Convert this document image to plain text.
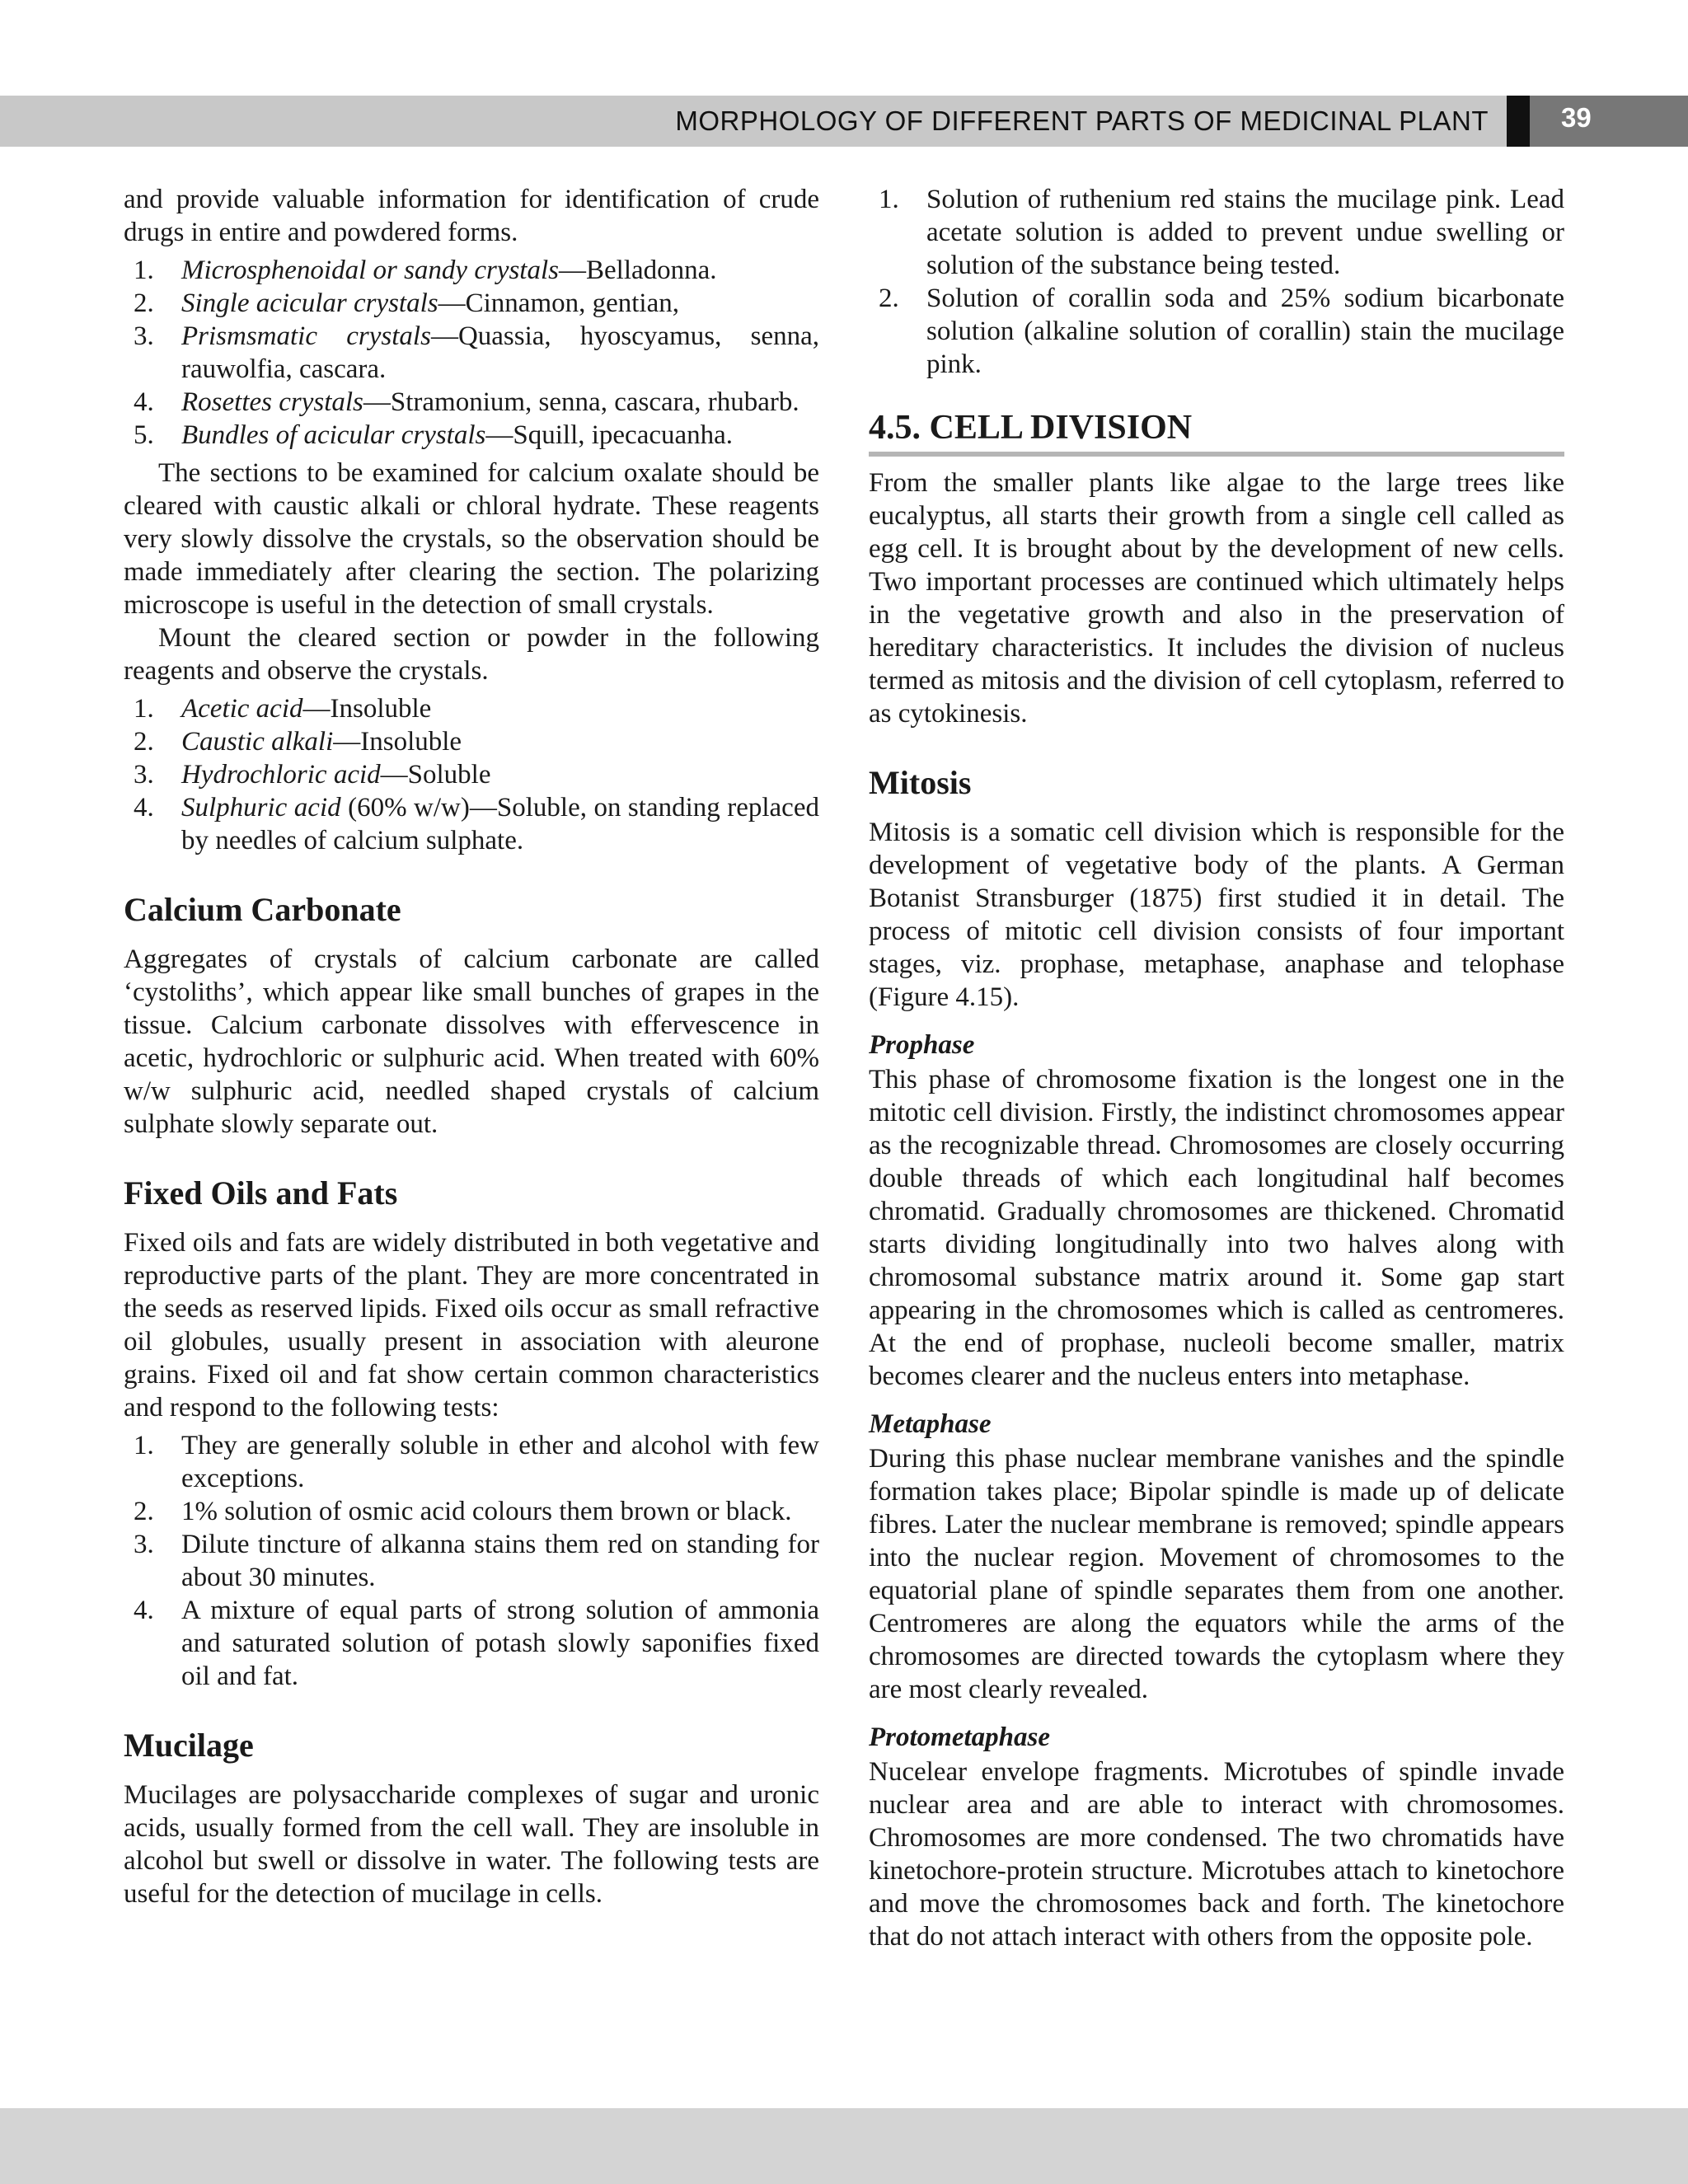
MORPHOLOGY OF DIFFERENT PARTS OF MEDICINAL PLANT	39

and provide valuable information for identification of crude drugs in entire and powdered forms.

1. Microsphenoidal or sandy crystals—Belladonna.
2. Single acicular crystals—Cinnamon, gentian,
3. Prismsmatic crystals—Quassia, hyoscyamus, senna, rauwolfia, cascara.
4. Rosettes crystals—Stramonium, senna, cascara, rhubarb.
5. Bundles of acicular crystals—Squill, ipecacuanha.

The sections to be examined for calcium oxalate should be cleared with caustic alkali or chloral hydrate. These reagents very slowly dissolve the crystals, so the observation should be made immediately after clearing the section. The polarizing microscope is useful in the detection of small crystals.

Mount the cleared section or powder in the following reagents and observe the crystals.

1. Acetic acid—Insoluble
2. Caustic alkali—Insoluble
3. Hydrochloric acid—Soluble
4. Sulphuric acid (60% w/w)—Soluble, on standing replaced by needles of calcium sulphate.
Calcium Carbonate

Aggregates of crystals of calcium carbonate are called ‘cystoliths’, which appear like small bunches of grapes in the tissue. Calcium carbonate dissolves with effervescence in acetic, hydrochloric or sulphuric acid. When treated with 60% w/w sulphuric acid, needled shaped crystals of calcium sulphate slowly separate out.

Fixed Oils and Fats

Fixed oils and fats are widely distributed in both vegetative and reproductive parts of the plant. They are more concentrated in the seeds as reserved lipids. Fixed oils occur as small refractive oil globules, usually present in association with aleurone grains. Fixed oil and fat show certain common characteristics and respond to the following tests:

1. They are generally soluble in ether and alcohol with few exceptions.
2. 1% solution of osmic acid colours them brown or black.
3. Dilute tincture of alkanna stains them red on standing for about 30 minutes.
4. A mixture of equal parts of strong solution of ammonia and saturated solution of potash slowly saponifies fixed oil and fat.
Mucilage

Mucilages are polysaccharide complexes of sugar and uronic acids, usually formed from the cell wall. They are insoluble in alcohol but swell or dissolve in water. The following tests are useful for the detection of mucilage in cells.

1. Solution of ruthenium red stains the mucilage pink. Lead acetate solution is added to prevent undue swelling or solution of the substance being tested.
2. Solution of corallin soda and 25% sodium bicarbonate solution (alkaline solution of corallin) stain the mucilage pink.
4.5. CELL DIVISION

From the smaller plants like algae to the large trees like eucalyptus, all starts their growth from a single cell called as egg cell. It is brought about by the development of new cells. Two important processes are continued which ultimately helps in the vegetative growth and also in the preservation of hereditary characteristics. It includes the division of nucleus termed as mitosis and the division of cell cytoplasm, referred to as cytokinesis.

Mitosis

Mitosis is a somatic cell division which is responsible for the development of vegetative body of the plants. A German Botanist Stransburger (1875) first studied it in detail. The process of mitotic cell division consists of four important stages, viz. prophase, metaphase, anaphase and telophase (Figure 4.15).

Prophase

This phase of chromosome fixation is the longest one in the mitotic cell division. Firstly, the indistinct chromosomes appear as the recognizable thread. Chromosomes are closely occurring double threads of which each longitudinal half becomes chromatid. Gradually chromosomes are thickened. Chromatid starts dividing longitudinally into two halves along with chromosomal substance matrix around it. Some gap start appearing in the chromosomes which is called as centromeres. At the end of prophase, nucleoli become smaller, matrix becomes clearer and the nucleus enters into metaphase.

Metaphase

During this phase nuclear membrane vanishes and the spindle formation takes place; Bipolar spindle is made up of delicate fibres. Later the nuclear membrane is removed; spindle appears into the nuclear region. Movement of chromosomes to the equatorial plane of spindle separates them from one another. Centromeres are along the equators while the arms of the chromosomes are directed towards the cytoplasm where they are most clearly revealed.

Protometaphase

Nucelear envelope fragments. Microtubes of spindle invade nuclear area and are able to interact with chromosomes. Chromosomes are more condensed. The two chromatids have kinetochore-protein structure. Microtubes attach to kinetochore and move the chromosomes back and forth. The kinetochore that do not attach interact with others from the opposite pole.
